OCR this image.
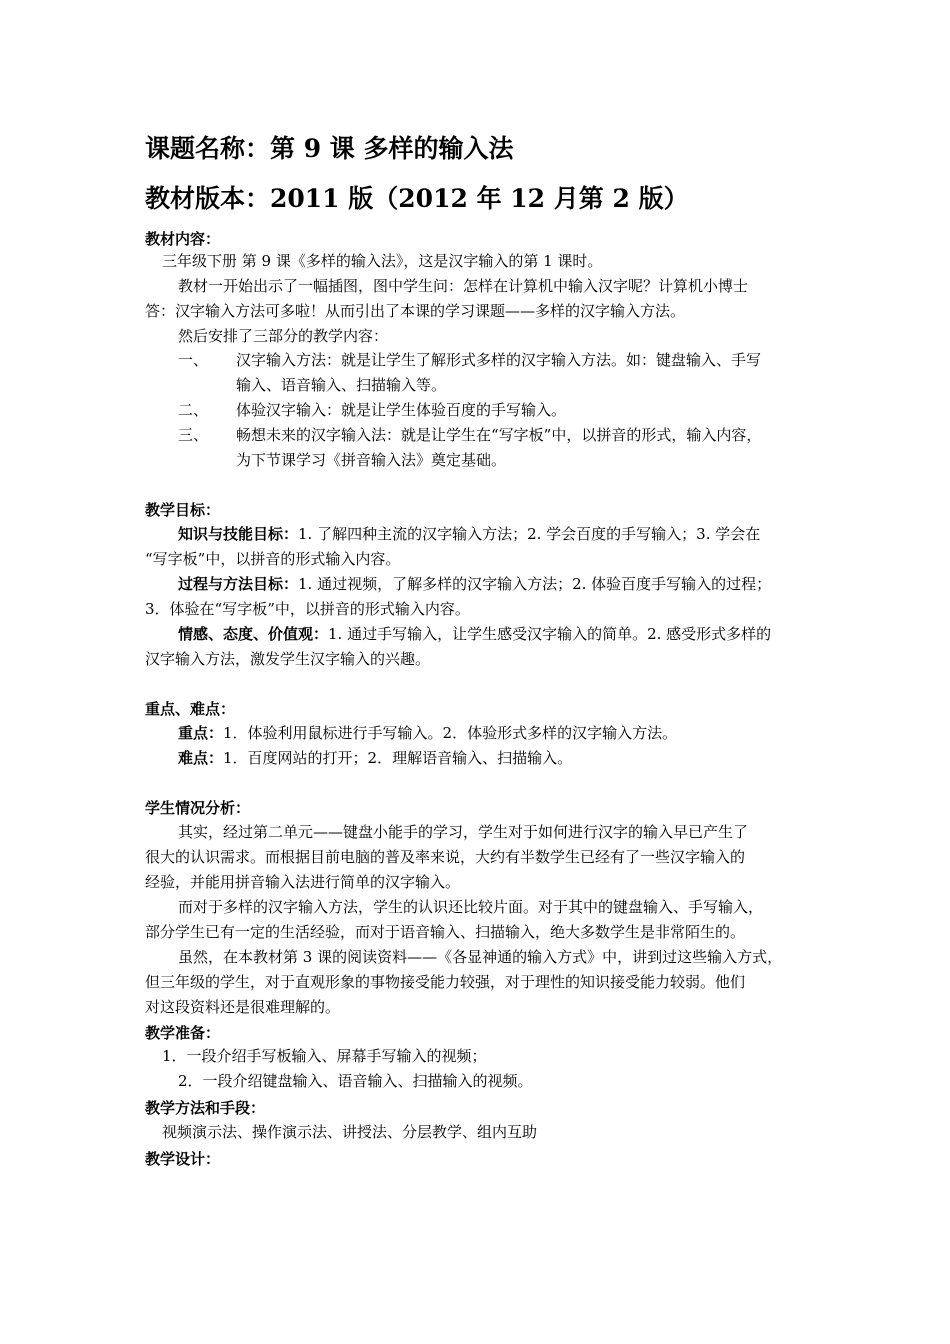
课题名称：第 9 课 多样的输入法
教材版本：2011 版（2012 年 12 月第 2 版）
教材内容：
三年级下册 第 9 课《多样的输入法》，这是汉字输入的第 1 课时。
教材一开始出示了一幅插图，图中学生问：怎样在计算机中输入汉字呢？计算机小博士
答：汉字输入方法可多啦！从而引出了本课的学习课题——多样的汉字输入方法。
然后安排了三部分的教学内容：
一、 汉字输入方法：就是让学生了解形式多样的汉字输入方法。如：键盘输入、手写
输入、语音输入、扫描输入等。
二、 体验汉字输入：就是让学生体验百度的手写输入。
三、 畅想未来的汉字输入法：就是让学生在“写字板”中，以拼音的形式，输入内容，
为下节课学习《拼音输入法》奠定基础。
教学目标：
知识与技能目标：1. 了解四种主流的汉字输入方法；2. 学会百度的手写输入；3. 学会在
“写字板”中，以拼音的形式输入内容。
过程与方法目标：1. 通过视频，了解多样的汉字输入方法；2. 体验百度手写输入的过程；
3．体验在“写字板”中，以拼音的形式输入内容。
情感、态度、价值观：1. 通过手写输入，让学生感受汉字输入的简单。2. 感受形式多样的
汉字输入方法，激发学生汉字输入的兴趣。
重点、难点：
重点：1．体验利用鼠标进行手写输入。2．体验形式多样的汉字输入方法。
难点：1．百度网站的打开；2．理解语音输入、扫描输入。
学生情况分析：
其实，经过第二单元——键盘小能手的学习，学生对于如何进行汉字的输入早已产生了
很大的认识需求。而根据目前电脑的普及率来说，大约有半数学生已经有了一些汉字输入的
经验，并能用拼音输入法进行简单的汉字输入。
而对于多样的汉字输入方法，学生的认识还比较片面。对于其中的键盘输入、手写输入，
部分学生已有一定的生活经验，而对于语音输入、扫描输入，绝大多数学生是非常陌生的。
虽然，在本教材第 3 课的阅读资料——《各显神通的输入方式》中，讲到过这些输入方式，
但三年级的学生，对于直观形象的事物接受能力较强，对于理性的知识接受能力较弱。他们
对这段资料还是很难理解的。
教学准备：
1．一段介绍手写板输入、屏幕手写输入的视频；
2．一段介绍键盘输入、语音输入、扫描输入的视频。
教学方法和手段：
视频演示法、操作演示法、讲授法、分层教学、组内互助
教学设计：
